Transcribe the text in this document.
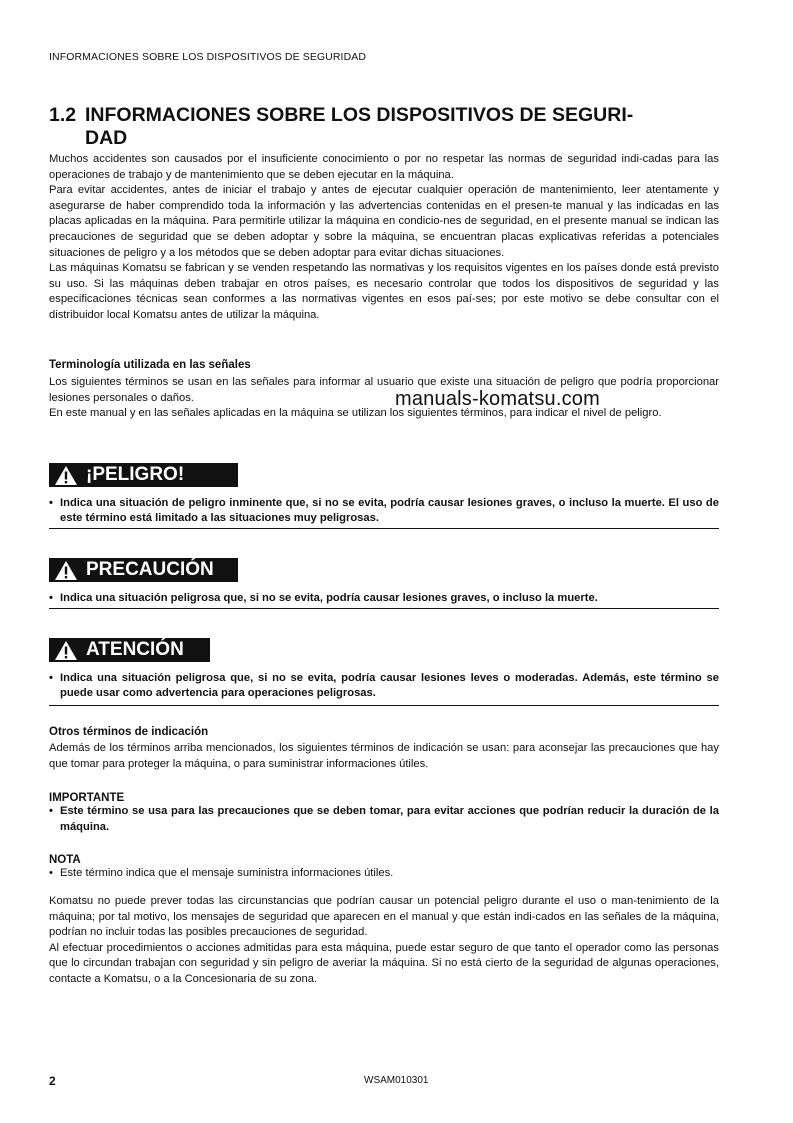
INFORMACIONES SOBRE LOS DISPOSITIVOS DE SEGURIDAD
1.2 INFORMACIONES SOBRE LOS DISPOSITIVOS DE SEGURI-
DAD

Muchos accidentes son causados por el insuficiente conocimiento o por no respetar las normas de seguridad indi-cadas para las operaciones de trabajo y de mantenimiento que se deben ejecutar en la máquina.

Para evitar accidentes, antes de iniciar el trabajo y antes de ejecutar cualquier operación de mantenimiento, leer atentamente y asegurarse de haber comprendido toda la información y las advertencias contenidas en el presen-te manual y las indicadas en las placas aplicadas en la máquina. Para permitirle utilizar la máquina en condicio-nes de seguridad, en el presente manual se indican las precauciones de seguridad que se deben adoptar y sobre la máquina, se encuentran placas explicativas referidas a potenciales situaciones de peligro y a los métodos que se deben adoptar para evitar dichas situaciones.

Las máquinas Komatsu se fabrican y se venden respetando las normativas y los requisitos vigentes en los países donde está previsto su uso. Si las máquinas deben trabajar en otros países, es necesario controlar que todos los dispositivos de seguridad y las especificaciones técnicas sean conformes a las normativas vigentes en esos paí-ses; por este motivo se debe consultar con el distribuidor local Komatsu antes de utilizar la máquina.

Terminología utilizada en las señales

Los siguientes términos se usan en las señales para informar al usuario que existe una situación de peligro que podría proporcionar lesiones personales o daños.

En este manual y en las señales aplicadas en la máquina se utilizan los siguientes términos, para indicar el nivel de peligro.

¡PELIGRO!
• Indica una situación de peligro inminente que, si no se evita, podría causar lesiones graves, o incluso la muerte. El uso de este término está limitado a las situaciones muy peligrosas.
PRECAUCIÓN
• Indica una situación peligrosa que, si no se evita, podría causar lesiones graves, o incluso la muerte.
ATENCIÓN
• Indica una situación peligrosa que, si no se evita, podría causar lesiones leves o moderadas. Además, este término se puede usar como advertencia para operaciones peligrosas.

Otros términos de indicación

Además de los términos arriba mencionados, los siguientes términos de indicación se usan: para aconsejar las precauciones que hay que tomar para proteger la máquina, o para suministrar informaciones útiles.

IMPORTANTE

• Este término se usa para las precauciones que se deben tomar, para evitar acciones que podrían reducir la duración de la máquina.

NOTA

• Este término indica que el mensaje suministra informaciones útiles.

Komatsu no puede prever todas las circunstancias que podrían causar un potencial peligro durante el uso o man-tenimiento de la máquina; por tal motivo, los mensajes de seguridad que aparecen en el manual y que están indi-cados en las señales de la máquina, podrían no incluir todas las posibles precauciones de seguridad.

Al efectuar procedimientos o acciones admitidas para esta máquina, puede estar seguro de que tanto el operador como las personas que lo circundan trabajan con seguridad y sin peligro de averiar la máquina. Si no está cierto de la seguridad de algunas operaciones, contacte a Komatsu, o a la Concesionaria de su zona.

manuals-komatsu.com
2	WSAM010301
